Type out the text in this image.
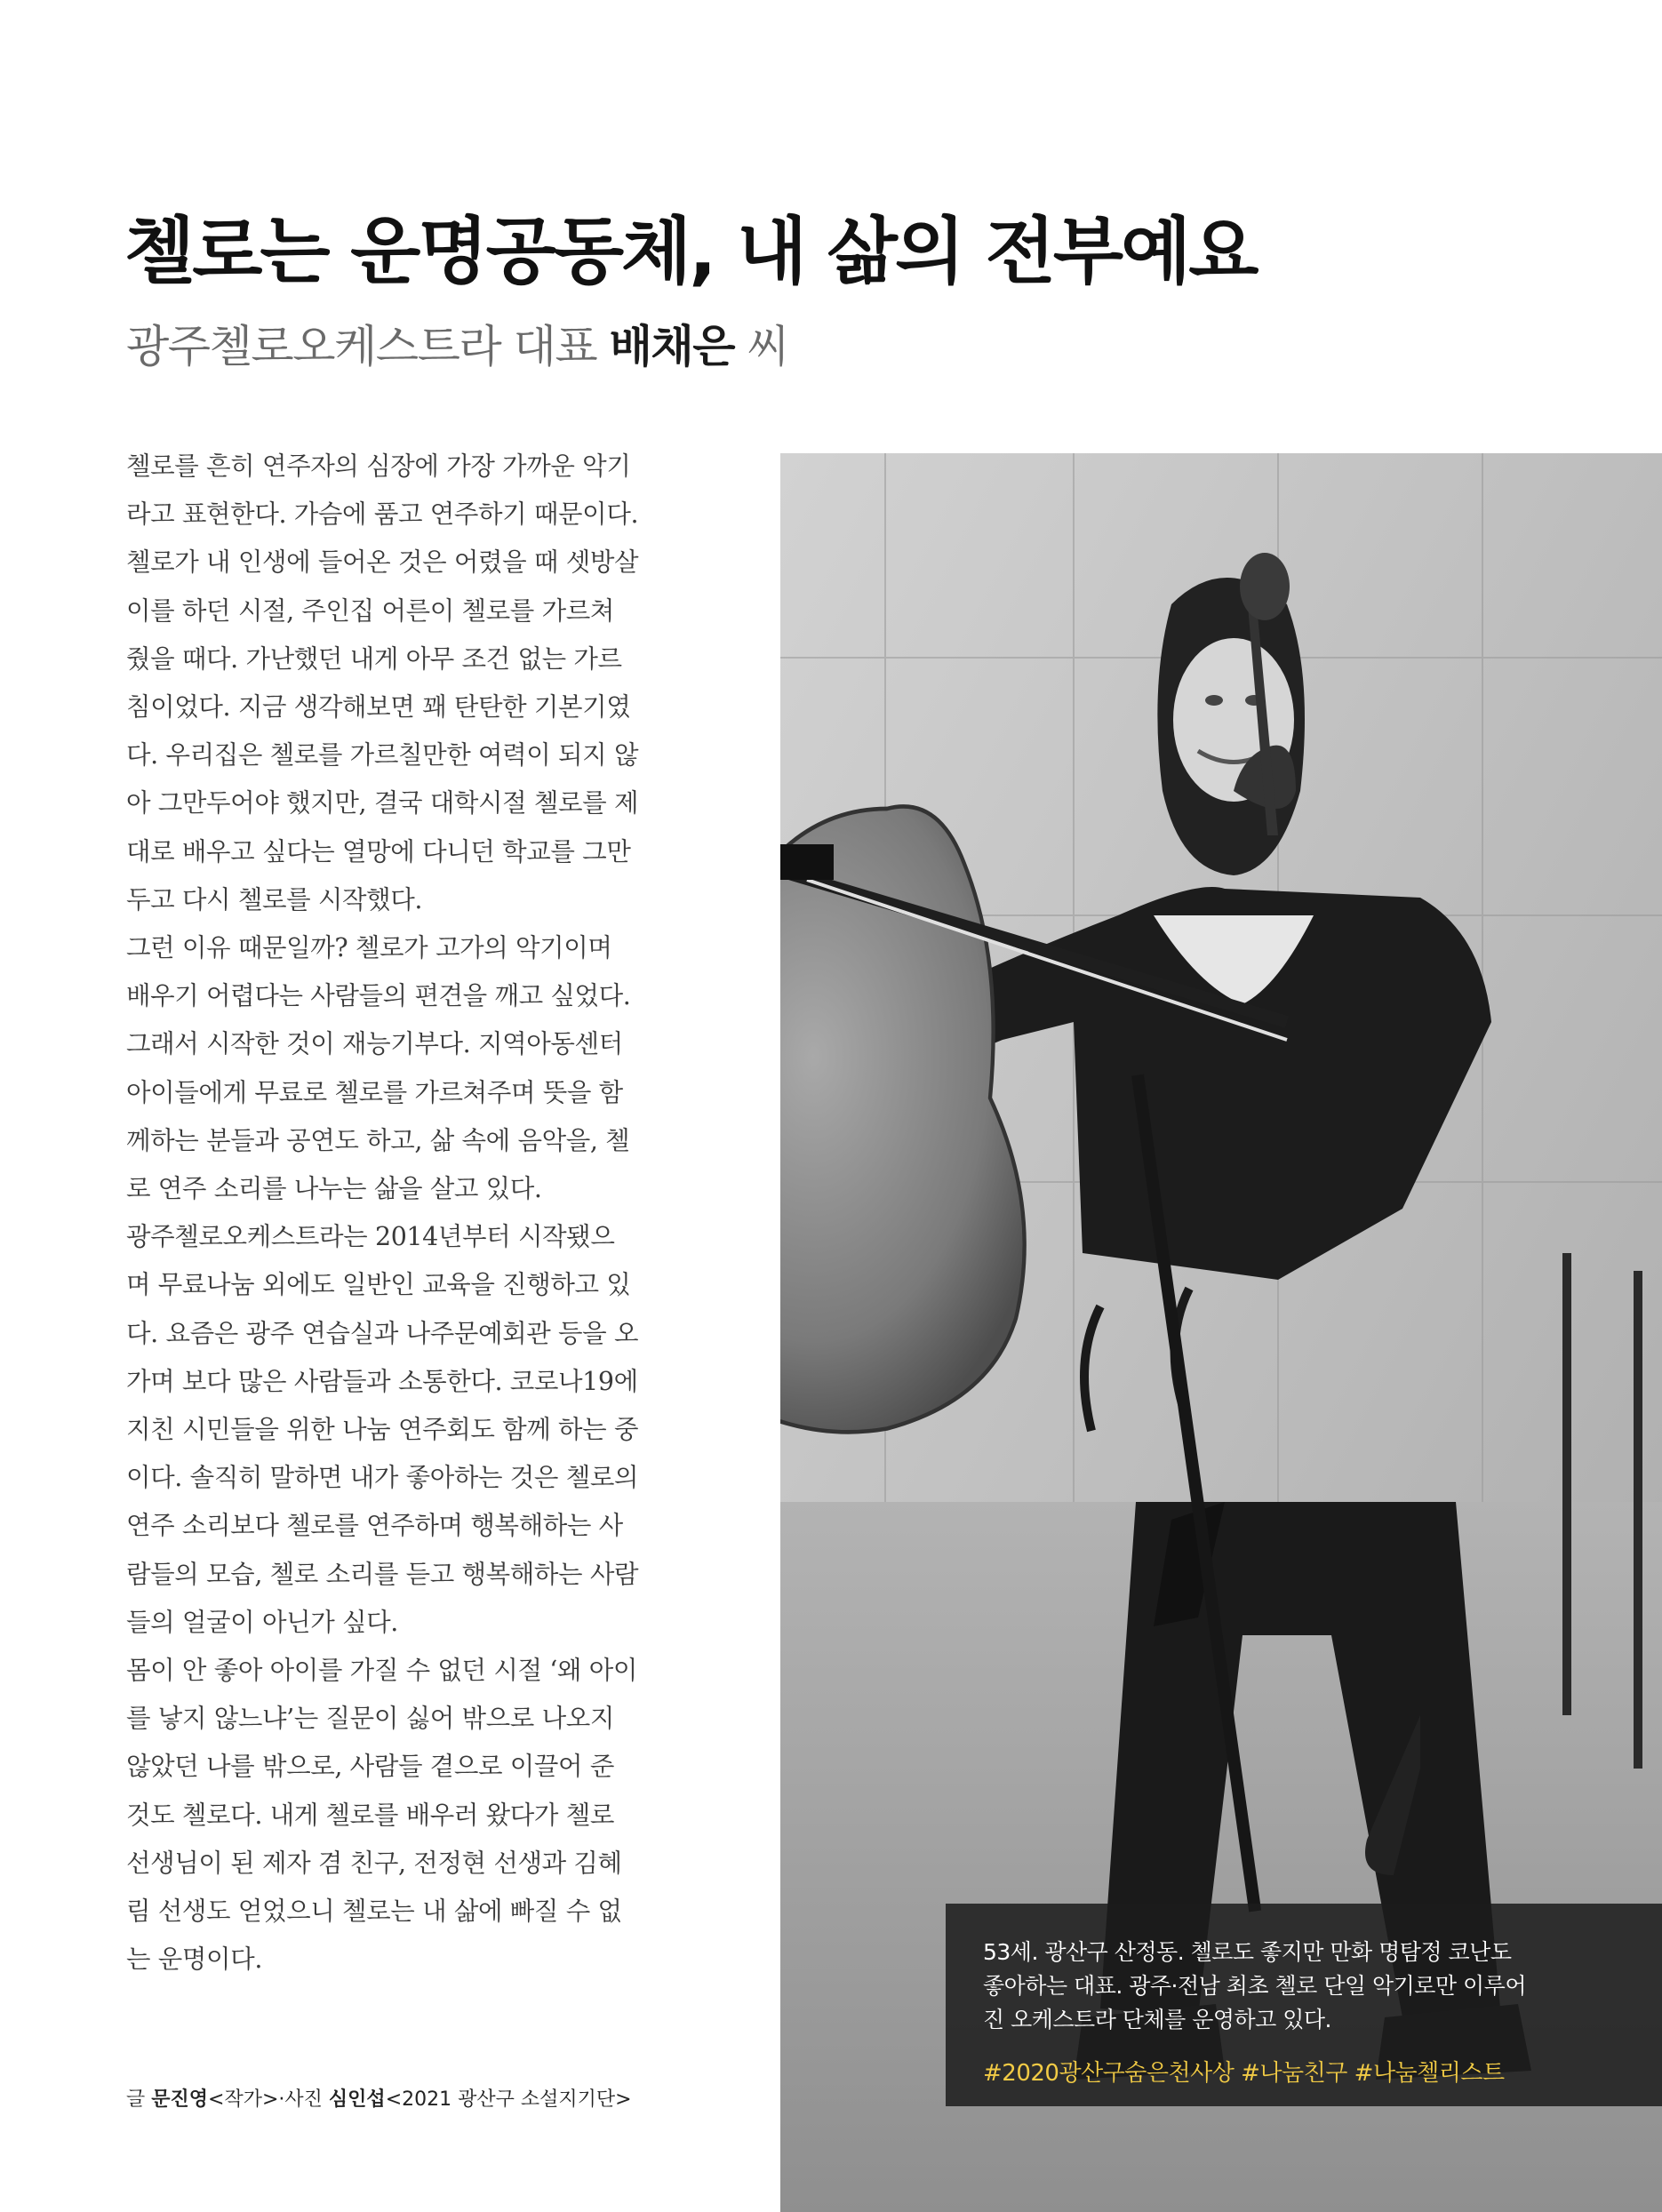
첼로는 운명공동체, 내 삶의 전부예요
광주첼로오케스트라 대표 배채은 씨

첼로를 흔히 연주자의 심장에 가장 가까운 악기
라고 표현한다. 가슴에 품고 연주하기 때문이다.
첼로가 내 인생에 들어온 것은 어렸을 때 셋방살
이를 하던 시절, 주인집 어른이 첼로를 가르쳐
줬을 때다. 가난했던 내게 아무 조건 없는 가르
침이었다. 지금 생각해보면 꽤 탄탄한 기본기였
다. 우리집은 첼로를 가르칠만한 여력이 되지 않
아 그만두어야 했지만, 결국 대학시절 첼로를 제
대로 배우고 싶다는 열망에 다니던 학교를 그만
두고 다시 첼로를 시작했다.

그런 이유 때문일까? 첼로가 고가의 악기이며
배우기 어렵다는 사람들의 편견을 깨고 싶었다.
그래서 시작한 것이 재능기부다. 지역아동센터
아이들에게 무료로 첼로를 가르쳐주며 뜻을 함
께하는 분들과 공연도 하고, 삶 속에 음악을, 첼
로 연주 소리를 나누는 삶을 살고 있다.

광주첼로오케스트라는 2014년부터 시작됐으
며 무료나눔 외에도 일반인 교육을 진행하고 있
다. 요즘은 광주 연습실과 나주문예회관 등을 오
가며 보다 많은 사람들과 소통한다. 코로나19에
지친 시민들을 위한 나눔 연주회도 함께 하는 중
이다. 솔직히 말하면 내가 좋아하는 것은 첼로의
연주 소리보다 첼로를 연주하며 행복해하는 사
람들의 모습, 첼로 소리를 듣고 행복해하는 사람
들의 얼굴이 아닌가 싶다.

몸이 안 좋아 아이를 가질 수 없던 시절 ‘왜 아이
를 낳지 않느냐’는 질문이 싫어 밖으로 나오지
않았던 나를 밖으로, 사람들 곁으로 이끌어 준
것도 첼로다. 내게 첼로를 배우러 왔다가 첼로
선생님이 된 제자 겸 친구, 전정현 선생과 김혜
림 선생도 얻었으니 첼로는 내 삶에 빠질 수 없
는 운명이다.

글 문진영<작가>·사진 심인섭<2021 광산구 소설지기단>
53세. 광산구 산정동. 첼로도 좋지만 만화 명탐정 코난도
좋아하는 대표. 광주·전남 최초 첼로 단일 악기로만 이루어
진 오케스트라 단체를 운영하고 있다.
#2020광산구숨은천사상 #나눔친구 #나눔첼리스트
